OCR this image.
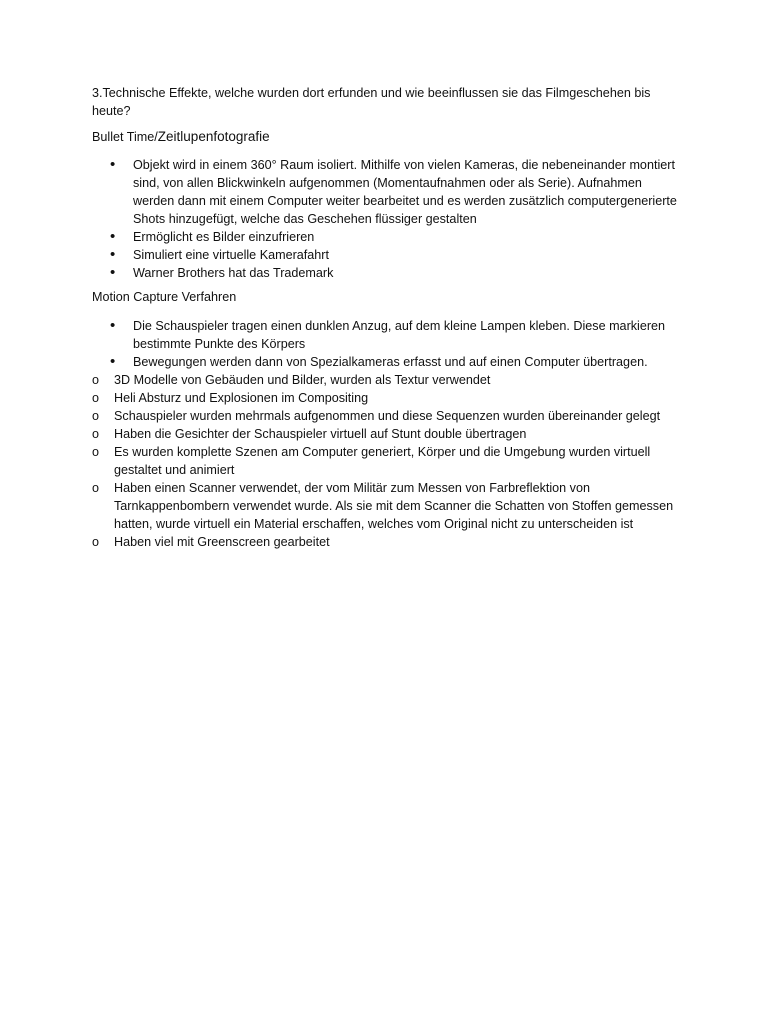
3.Technische Effekte, welche wurden dort erfunden und wie beeinflussen sie das Filmgeschehen bis heute?

Bullet Time/Zeitlupenfotografie

• Objekt wird in einem 360° Raum isoliert. Mithilfe von vielen Kameras, die nebeneinander montiert sind, von allen Blickwinkeln aufgenommen (Momentaufnahmen oder als Serie). Aufnahmen werden dann mit einem Computer weiter bearbeitet und es werden zusätzlich computergenerierte Shots hinzugefügt, welche das Geschehen flüssiger gestalten
• Ermöglicht es Bilder einzufrieren
• Simuliert eine virtuelle Kamerafahrt
• Warner Brothers hat das Trademark

Motion Capture Verfahren

• Die Schauspieler tragen einen dunklen Anzug, auf dem kleine Lampen kleben. Diese markieren bestimmte Punkte des Körpers
• Bewegungen werden dann von Spezialkameras erfasst und auf einen Computer übertragen.
o 3D Modelle von Gebäuden und Bilder, wurden als Textur verwendet
o Heli Absturz und Explosionen im Compositing
o Schauspieler wurden mehrmals aufgenommen und diese Sequenzen wurden übereinander gelegt
o Haben die Gesichter der Schauspieler virtuell auf Stunt double übertragen
o Es wurden komplette Szenen am Computer generiert, Körper und die Umgebung wurden virtuell gestaltet und animiert
o Haben einen Scanner verwendet, der vom Militär zum Messen von Farbreflektion von Tarnkappenbombern verwendet wurde. Als sie mit dem Scanner die Schatten von Stoffen gemessen hatten, wurde virtuell ein Material erschaffen, welches vom Original nicht zu unterscheiden ist
o Haben viel mit Greenscreen gearbeitet
